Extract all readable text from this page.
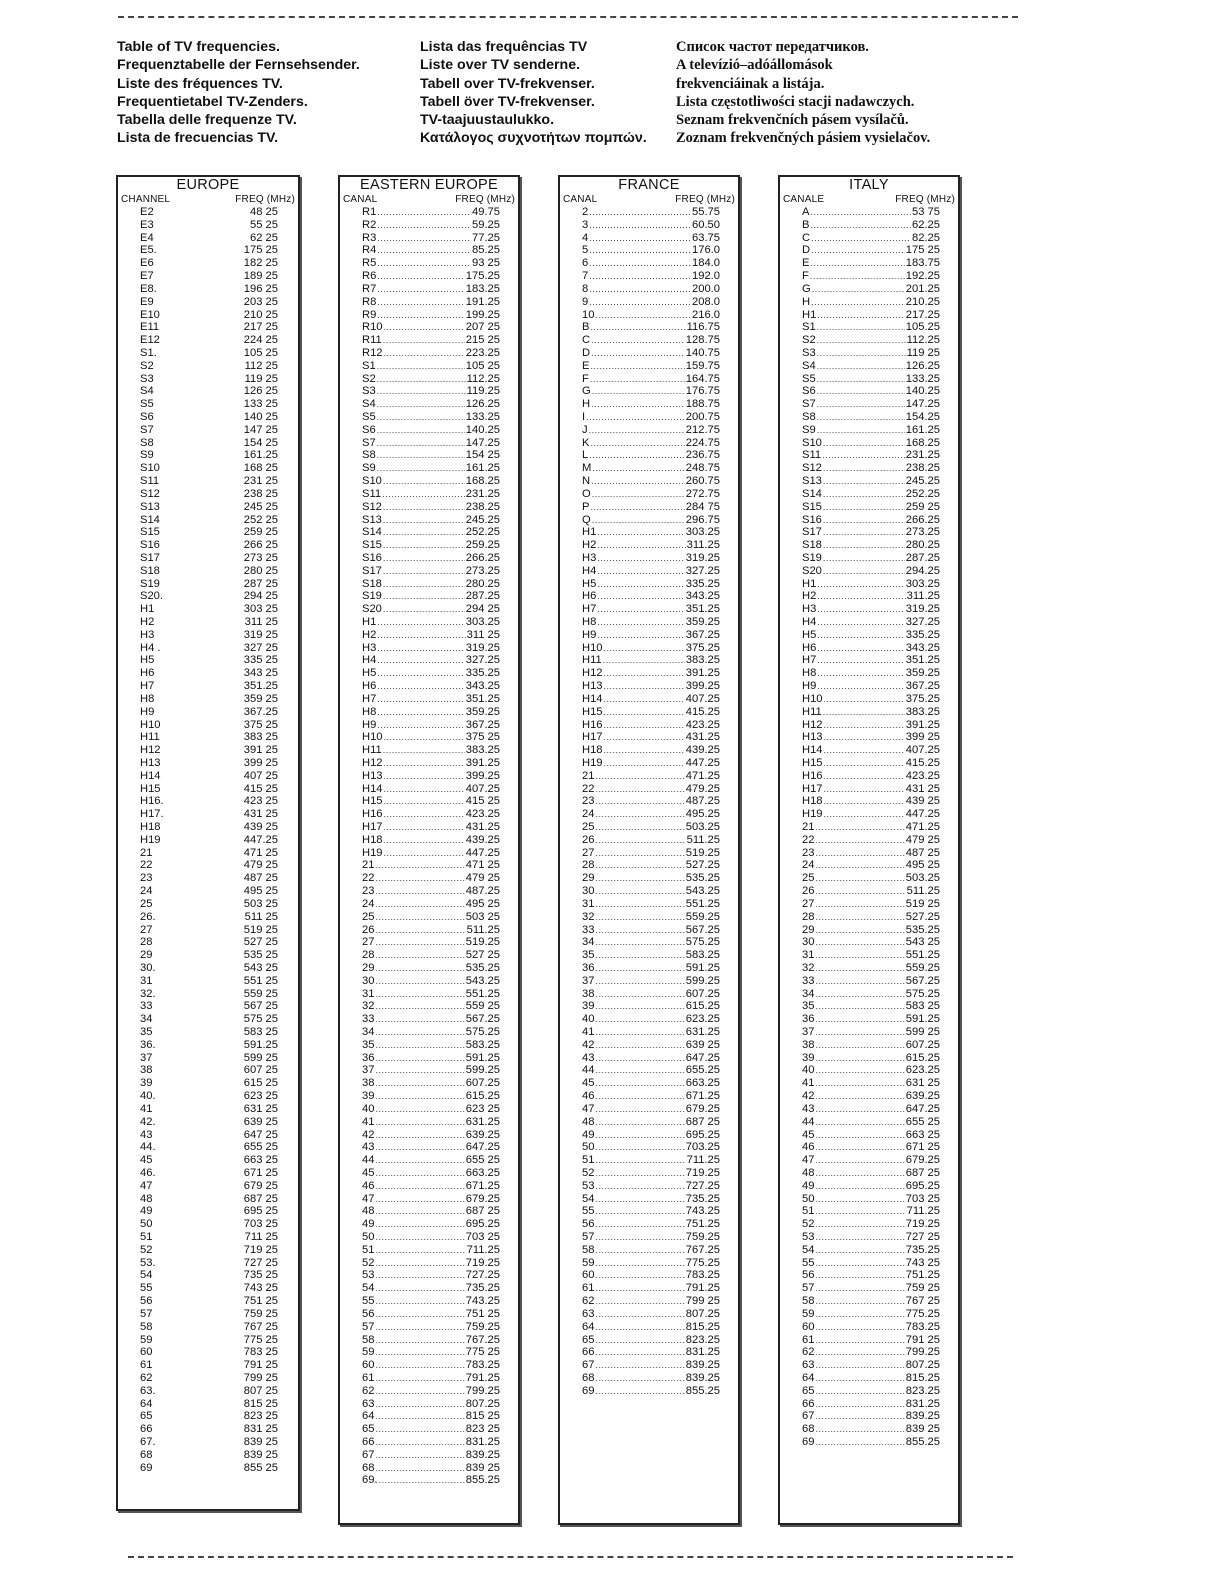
Table of TV frequencies.
Frequenztabelle der Fernsehsender.
Liste des fréquences TV.
Frequentietabel TV-Zenders.
Tabella delle frequenze TV.
Lista de frecuencias TV.
Lista das frequências TV
Liste over TV senderne.
Tabell over TV-frekvenser.
Tabell över TV-frekvenser.
TV-taajuustaulukko.
Κατάλογος συχνοτήτων πομπών.
Список частот передатчиков.
A televízió–adóállomások
frekvenciáinak a listája.
Lista częstotliwości stacji nadawczych.
Seznam frekvenčních pásem vysílačů.
Zoznam frekvenčných pásiem vysielačov.
EUROPE
CHANNEL	FREQ (MHz)
E2	48 25
E3	55 25
E4	62 25
E5.	175 25
E6	182 25
E7	189 25
E8.	196 25
E9	203 25
E10	210 25
E11	217 25
E12	224 25
S1.	105 25
S2	112 25
S3	119 25
S4	126 25
S5	133 25
S6	140 25
S7	147 25
S8	154 25
S9	161.25
S10	168 25
S11	231 25
S12	238 25
S13	245 25
S14	252 25
S15	259 25
S16	266 25
S17	273 25
S18	280 25
S19	287 25
S20.	294 25
H1	303 25
H2	311 25
H3	319 25
H4 .	327 25
H5	335 25
H6	343 25
H7	351.25
H8	359 25
H9	367.25
H10	375 25
H11	383 25
H12	391 25
H13	399 25
H14	407 25
H15	415 25
H16.	423 25
H17.	431 25
H18	439 25
H19	447.25
21	471 25
22	479 25
23	487 25
24	495 25
25	503 25
26.	511 25
27	519 25
28	527 25
29	535 25
30.	543 25
31	551 25
32.	559 25
33	567 25
34	575 25
35	583 25
36.	591.25
37	599 25
38	607 25
39	615 25
40.	623 25
41	631 25
42.	639 25
43	647 25
44.	655 25
45	663 25
46.	671 25
47	679 25
48	687 25
49	695 25
50	703 25
51	711 25
52	719 25
53.	727 25
54	735 25
55	743 25
56	751 25
57	759 25
58	767 25
59	775 25
60	783 25
61	791 25
62	799 25
63.	807 25
64	815 25
65	823 25
66	831 25
67.	839 25
68	839 25
69	855 25
EASTERN EUROPE
CANAL	FREQ (MHz)
R1 .....	49.75
R2 .....	59.25
R3 .....	77.25
R4 .....	85.25
R5 .....	93 25
R6 .....	175.25
R7 .....	183.25
R8 .....	191.25
R9 .....	199.25
R10 .....	207 25
R11 .....	215 25
R12 .....	223.25
S1 .....	105 25
S2 .....	112.25
S3 .....	119.25
S4 .....	126.25
S5 .....	133.25
S6 .....	140.25
S7 .....	147.25
S8 .....	154 25
S9 .....	161.25
S10 .....	168.25
S11 .....	231.25
S12 .....	238.25
S13 .....	245.25
S14 .....	252.25
S15 .....	259.25
S16 .....	266.25
S17 .....	273.25
S18 .....	280.25
S19 .....	287.25
S20 .....	294 25
H1 .....	303.25
H2 .....	311 25
H3 .....	319.25
H4 .....	327.25
H5 .....	335.25
H6 .....	343.25
H7 .....	351.25
H8 .....	359.25
H9 .....	367.25
H10 .....	375 25
H11 .....	383.25
H12 .....	391.25
H13 .....	399.25
H14 .....	407.25
H15 .....	415 25
H16 .....	423.25
H17 .....	431.25
H18 .....	439.25
H19 .....	447.25
21 .....	471 25
22 .....	479 25
23 .....	487.25
24 .....	495 25
25 .....	503 25
26 .....	511.25
27 .....	519.25
28 .....	527 25
29 .....	535.25
30 .....	543.25
31 .....	551.25
32 .....	559 25
33 .....	567.25
34 .....	575.25
35 .....	583.25
36 .....	591.25
37 .....	599.25
38 .....	607.25
39 .....	615.25
40 .....	623 25
41 .....	631.25
42 .....	639.25
43 .....	647.25
44 .....	655 25
45 .....	663.25
46 .....	671.25
47 .....	679.25
48 .....	687 25
49 .....	695.25
50 .....	703 25
51 .....	711.25
52 .....	719.25
53 .....	727.25
54 .....	735.25
55 .....	743.25
56 .....	751 25
57 .....	759.25
58 .....	767.25
59 .....	775 25
60 .....	783.25
61 .....	791.25
62 .....	799.25
63 .....	807.25
64 .....	815 25
65 .....	823 25
66 .....	831.25
67 .....	839.25
68 .....	839 25
69. .....	855.25
FRANCE
CANAL	FREQ (MHz)
2 .....	55.75
3 .....	60.50
4 .....	63.75
5 .....	176.0
6 .....	184.0
7 .....	192.0
8 .....	200.0
9 .....	208.0
10 .....	216.0
B .....	116.75
C .....	128.75
D .....	140.75
E .....	159.75
F .....	164.75
G .....	176.75
H .....	188.75
I .....	200.75
J .....	212.75
K .....	224.75
L .....	236.75
M .....	248.75
N .....	260.75
O .....	272.75
P .....	284 75
Q .....	296.75
H1 .....	303.25
H2 .....	311.25
H3 .....	319.25
H4 .....	327.25
H5 .....	335.25
H6 .....	343.25
H7 .....	351.25
H8 .....	359.25
H9 .....	367.25
H10 .....	375.25
H11 .....	383.25
H12 .....	391.25
H13 .....	399.25
H14 .....	407.25
H15 .....	415.25
H16 .....	423.25
H17 .....	431.25
H18 .....	439.25
H19 .....	447.25
21 .....	471.25
22 .....	479.25
23 .....	487.25
24 .....	495.25
25 .....	503.25
26 .....	511.25
27 .....	519.25
28 .....	527.25
29 .....	535.25
30 .....	543.25
31 .....	551.25
32 .....	559.25
33 .....	567.25
34 .....	575.25
35 .....	583.25
36 .....	591.25
37 .....	599.25
38 .....	607.25
39 .....	615.25
40 .....	623.25
41 .....	631.25
42 .....	639 25
43 .....	647.25
44 .....	655.25
45 .....	663.25
46 .....	671.25
47 .....	679.25
48 .....	687 25
49 .....	695.25
50 .....	703.25
51 .....	711.25
52 .....	719.25
53 .....	727.25
54 .....	735.25
55 .....	743.25
56 .....	751.25
57 .....	759.25
58 .....	767.25
59 .....	775.25
60 .....	783.25
61 .....	791.25
62 .....	799 25
63 .....	807.25
64 .....	815.25
65 .....	823.25
66 .....	831.25
67 .....	839.25
68 .....	839.25
69 .....	855.25
ITALY
CANALE	FREQ (MHz)
A .....	53 75
B .....	62.25
C .....	82.25
D .....	175 25
E .....	183.75
F .....	192.25
G .....	201.25
H .....	210.25
H1 .....	217.25
S1 .....	105.25
S2 .....	112.25
S3 .....	119 25
S4 .....	126.25
S5 .....	133.25
S6 .....	140.25
S7 .....	147.25
S8 .....	154.25
S9 .....	161.25
S10 .....	168.25
S11 .....	231.25
S12 .....	238.25
S13 .....	245.25
S14 .....	252.25
S15 .....	259 25
S16 .....	266.25
S17 .....	273.25
S18 .....	280.25
S19 .....	287.25
S20 .....	294.25
H1 .....	303.25
H2 .....	311.25
H3 .....	319.25
H4 .....	327.25
H5 .....	335.25
H6 .....	343.25
H7 .....	351.25
H8 .....	359.25
H9 .....	367.25
H10 .....	375.25
H11 .....	383.25
H12 .....	391.25
H13 .....	399 25
H14 .....	407.25
H15 .....	415.25
H16 .....	423.25
H17 .....	431 25
H18 .....	439 25
H19 .....	447.25
21 .....	471.25
22 .....	479 25
23 .....	487 25
24 .....	495 25
25 .....	503.25
26 .....	511.25
27 .....	519 25
28 .....	527.25
29 .....	535.25
30 .....	543 25
31 .....	551.25
32 .....	559.25
33 .....	567.25
34 .....	575.25
35 .....	583 25
36 .....	591.25
37 .....	599 25
38 .....	607.25
39 .....	615.25
40 .....	623.25
41 .....	631 25
42 .....	639.25
43 .....	647.25
44 .....	655 25
45 .....	663 25
46 .....	671 25
47 .....	679.25
48 .....	687 25
49 .....	695.25
50 .....	703 25
51 .....	711.25
52 .....	719.25
53 .....	727 25
54 .....	735.25
55 .....	743 25
56 .....	751.25
57 .....	759 25
58 .....	767 25
59 .....	775.25
60 .....	783.25
61 .....	791 25
62 .....	799.25
63 .....	807.25
64 .....	815.25
65 .....	823.25
66 .....	831.25
67 .....	839.25
68 .....	839 25
69 .....	855.25
